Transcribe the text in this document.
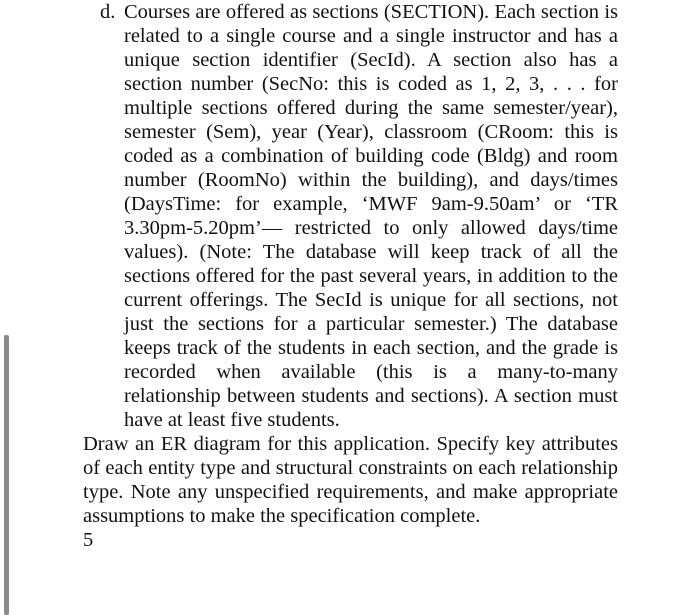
d. Courses are offered as sections (SECTION). Each section is related to a single course and a single instructor and has a unique section identifier (SecId). A section also has a section number (SecNo: this is coded as 1, 2, 3, . . . for multiple sections offered during the same semester/year), semester (Sem), year (Year), classroom (CRoom: this is coded as a combination of building code (Bldg) and room number (RoomNo) within the building), and days/times (DaysTime: for example, ‘MWF 9am-9.50am’ or ‘TR 3.30pm-5.20pm’— restricted to only allowed days/time values). (Note: The database will keep track of all the sections offered for the past several years, in addition to the current offerings. The SecId is unique for all sections, not just the sections for a particular semester.) The database keeps track of the students in each section, and the grade is recorded when available (this is a many-to-many relationship between students and sections). A section must have at least five students.
Draw an ER diagram for this application. Specify key attributes of each entity type and structural constraints on each relationship type. Note any unspecified requirements, and make appropriate assumptions to make the specification complete.
5
